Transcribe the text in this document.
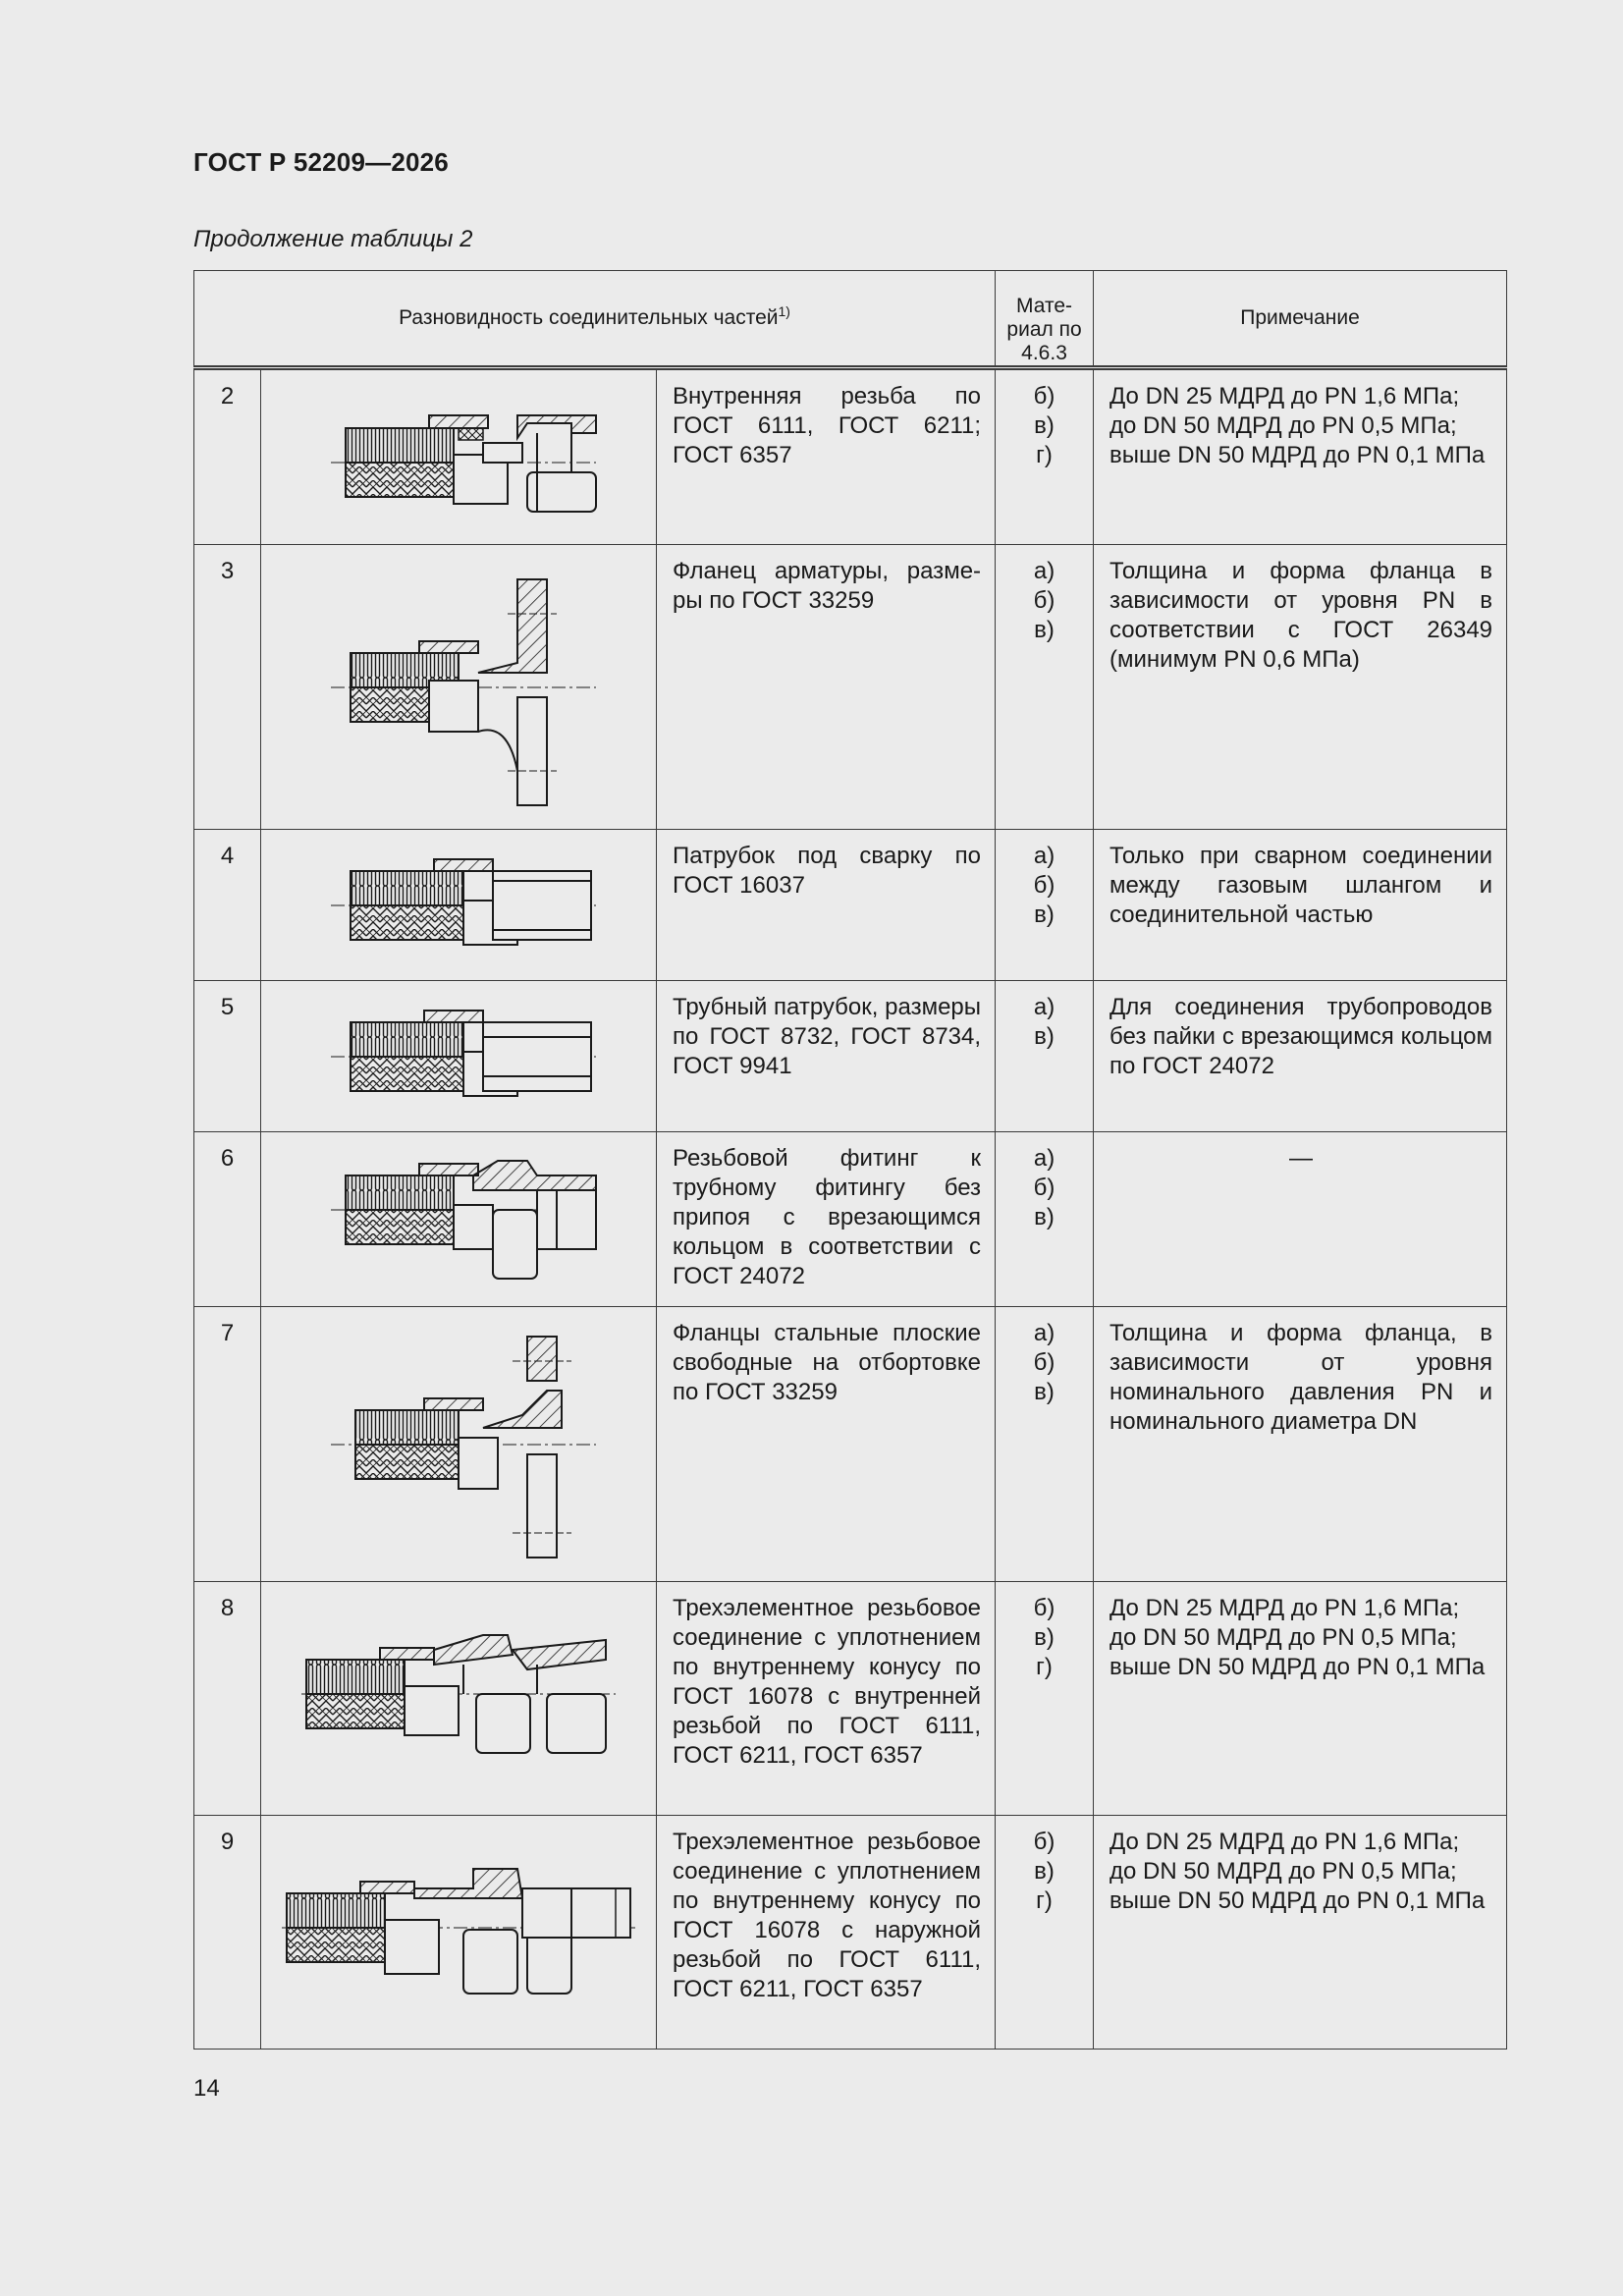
ГОСТ Р 52209—2026
Продолжение таблицы 2
Разновидность соединительных частей$^{1)}$			Мате-
риал по
4.6.3	Примечание
2		Внутренняя резьба по ГОСТ 6111, ГОСТ 6211; ГОСТ 6357	б)
в)
г)	До DN 25 МДРД до PN 1,6 МПа;
до DN 50 МДРД до PN 0,5 МПа;
выше DN 50 МДРД до PN 0,1 МПа

3		Фланец арматуры, разме-ры по ГОСТ 33259	а)
б)
в)	Толщина и форма фланца в зависимости от уровня PN в соответствии с ГОСТ 26349 (минимум PN 0,6 МПа)
4		Патрубок под сварку по ГОСТ 16037	а)
б)
в)	Только при сварном соединении между газовым шлангом и соединительной частью
5		Трубный патрубок, размеры по ГОСТ 8732, ГОСТ 8734, ГОСТ 9941	а)
в)	Для соединения трубопроводов без пайки с врезающимся кольцом по ГОСТ 24072
6		Резьбовой фитинг к трубному фитингу без припоя с врезающимся кольцом в соответствии с ГОСТ 24072	а)
б)
в)	—
7		Фланцы стальные плоские свободные на отбортовке по ГОСТ 33259	а)
б)
в)	Толщина и форма фланца, в зависимости от уровня номинального давления PN и номинального диаметра DN
8		Трехэлементное резьбовое соединение с уплотнением по внутреннему конусу по ГОСТ 16078 с внутренней резьбой по ГОСТ 6111, ГОСТ 6211, ГОСТ 6357	б)
в)
г)	До DN 25 МДРД до PN 1,6 МПа;
до DN 50 МДРД до PN 0,5 МПа;
выше DN 50 МДРД до PN 0,1 МПа

9		Трехэлементное резьбовое соединение с уплотнением по внутреннему конусу по ГОСТ 16078 с наружной резьбой по ГОСТ 6111, ГОСТ 6211, ГОСТ 6357	б)
в)
г)	До DN 25 МДРД до PN 1,6 МПа;
до DN 50 МДРД до PN 0,5 МПа;
выше DN 50 МДРД до PN 0,1 МПа
14
